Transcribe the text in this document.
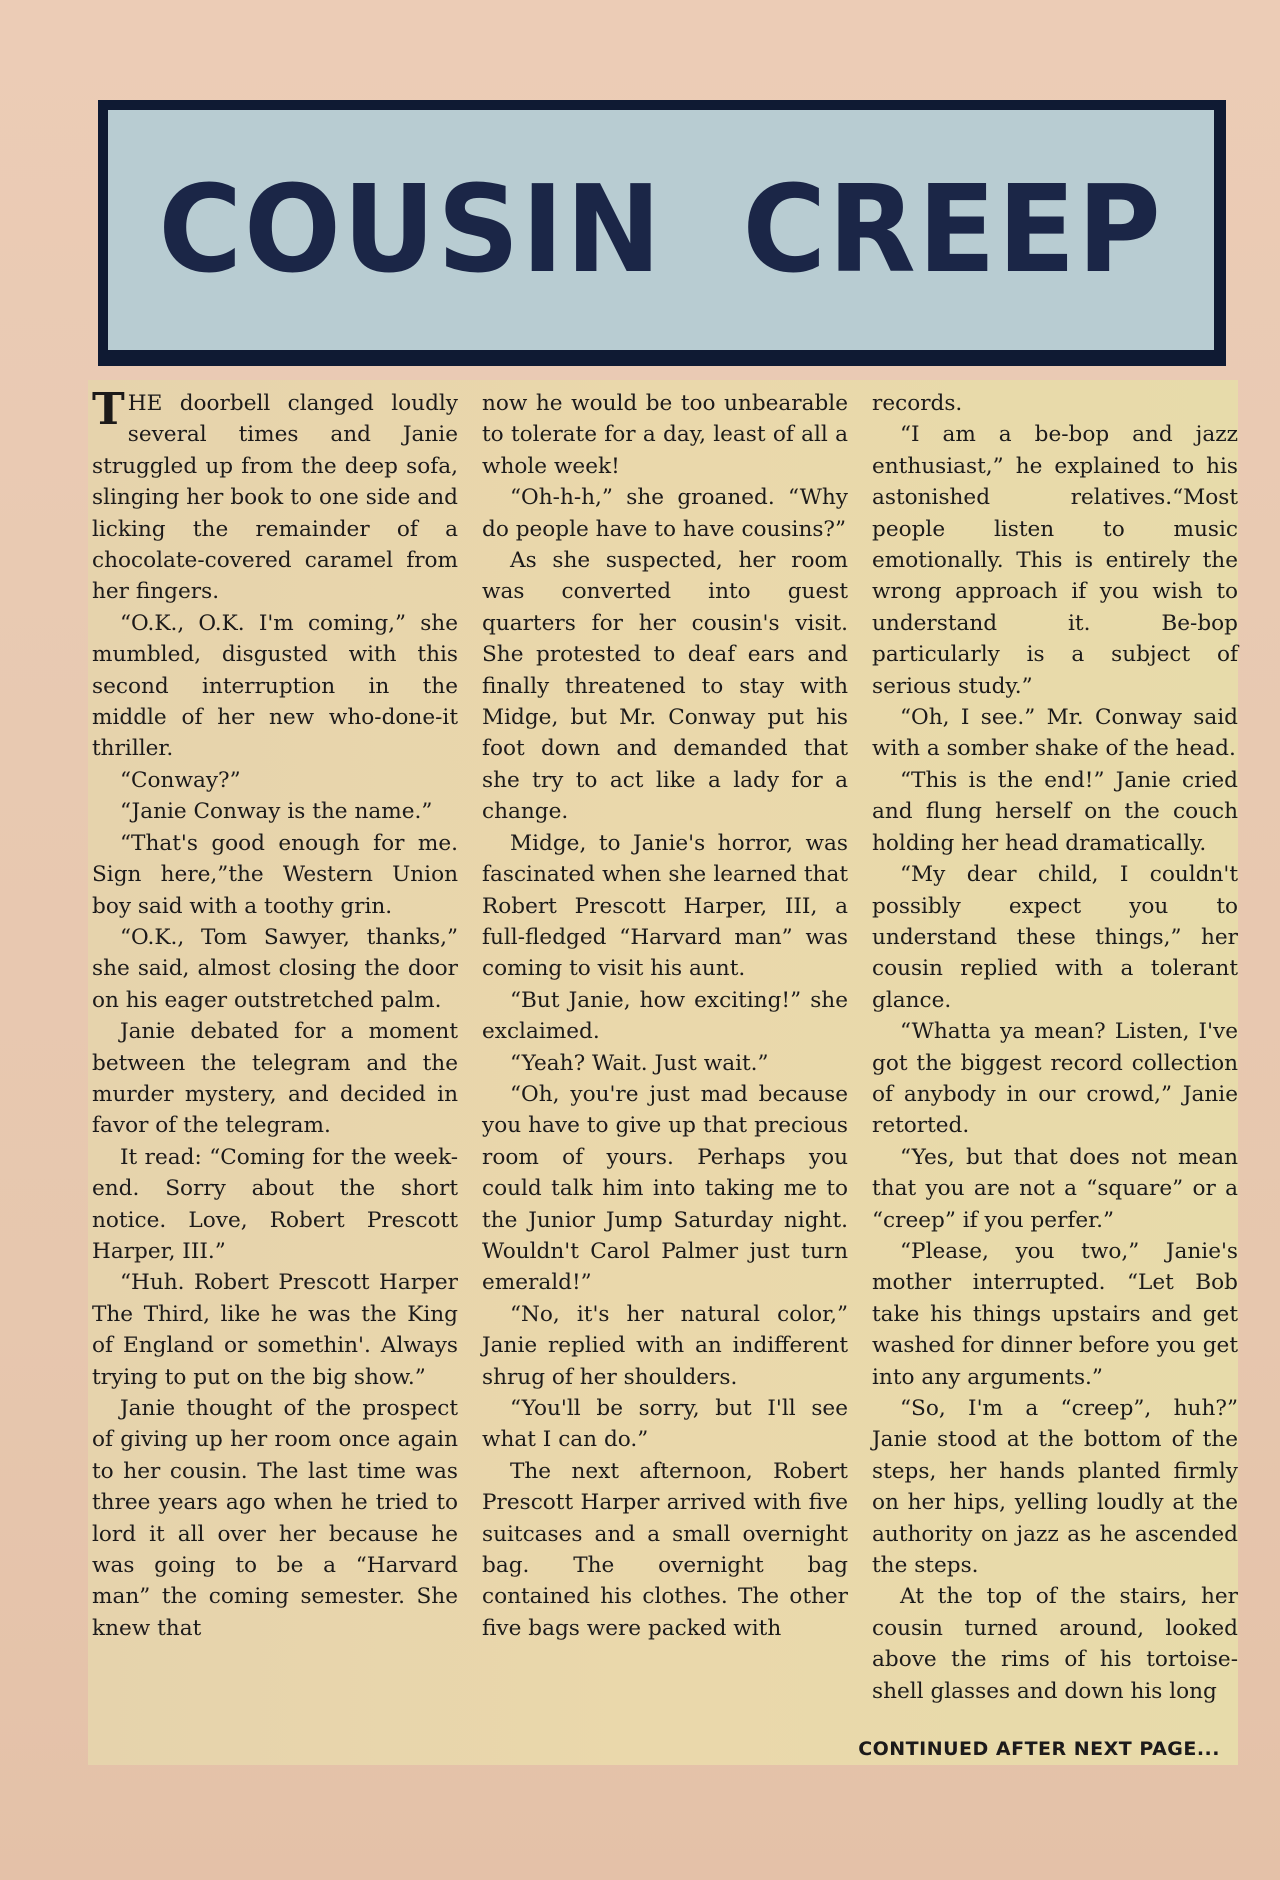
COUSIN CREEP

THE doorbell clanged loudly several times and Janie struggled up from the deep sofa, slinging her book to one side and licking the remainder of a chocolate-covered caramel from her fingers.

“O.K., O.K. I'm coming,” she mumbled, disgusted with this second interruption in the middle of her new who-done-it thriller.

“Conway?”

“Janie Conway is the name.”

“That's good enough for me. Sign here,”the Western Union boy said with a toothy grin.

“O.K., Tom Sawyer, thanks,” she said, almost closing the door on his eager outstretched palm.

Janie debated for a moment between the telegram and the murder mystery, and decided in favor of the telegram.

It read: “Coming for the week-end. Sorry about the short notice. Love, Robert Prescott Harper, III.”

“Huh. Robert Prescott Harper The Third, like he was the King of England or somethin'. Always trying to put on the big show.”

Janie thought of the prospect of giving up her room once again to her cousin. The last time was three years ago when he tried to lord it all over her because he was going to be a “Harvard man” the coming semester. She knew that

now he would be too unbearable to tolerate for a day, least of all a whole week!

“Oh-h-h,” she groaned. “Why do people have to have cousins?”

As she suspected, her room was converted into guest quarters for her cousin's visit. She protested to deaf ears and finally threatened to stay with Midge, but Mr. Conway put his foot down and demanded that she try to act like a lady for a change.

Midge, to Janie's horror, was fascinated when she learned that Robert Prescott Harper, III, a full-fledged “Harvard man” was coming to visit his aunt.

“But Janie, how exciting!” she exclaimed.

“Yeah? Wait. Just wait.”

“Oh, you're just mad because you have to give up that precious room of yours. Perhaps you could talk him into taking me to the Junior Jump Saturday night. Wouldn't Carol Palmer just turn emerald!”

“No, it's her natural color,” Janie replied with an indifferent shrug of her shoulders.

“You'll be sorry, but I'll see what I can do.”

The next afternoon, Robert Prescott Harper arrived with five suitcases and a small overnight bag. The overnight bag contained his clothes. The other five bags were packed with

records.

“I am a be-bop and jazz enthusiast,” he explained to his astonished relatives.“Most people listen to music emotionally. This is entirely the wrong approach if you wish to understand it. Be-bop particularly is a subject of serious study.”

“Oh, I see.” Mr. Conway said with a somber shake of the head.

“This is the end!” Janie cried and flung herself on the couch holding her head dramatically.

“My dear child, I couldn't possibly expect you to understand these things,” her cousin replied with a tolerant glance.

“Whatta ya mean? Listen, I've got the biggest record collection of anybody in our crowd,” Janie retorted.

“Yes, but that does not mean that you are not a “square” or a “creep” if you perfer.”

“Please, you two,” Janie's mother interrupted. “Let Bob take his things upstairs and get washed for dinner before you get into any arguments.”

“So, I'm a “creep”, huh?” Janie stood at the bottom of the steps, her hands planted firmly on her hips, yelling loudly at the authority on jazz as he ascended the steps.

At the top of the stairs, her cousin turned around, looked above the rims of his tortoise-shell glasses and down his long

CONTINUED AFTER NEXT PAGE...
